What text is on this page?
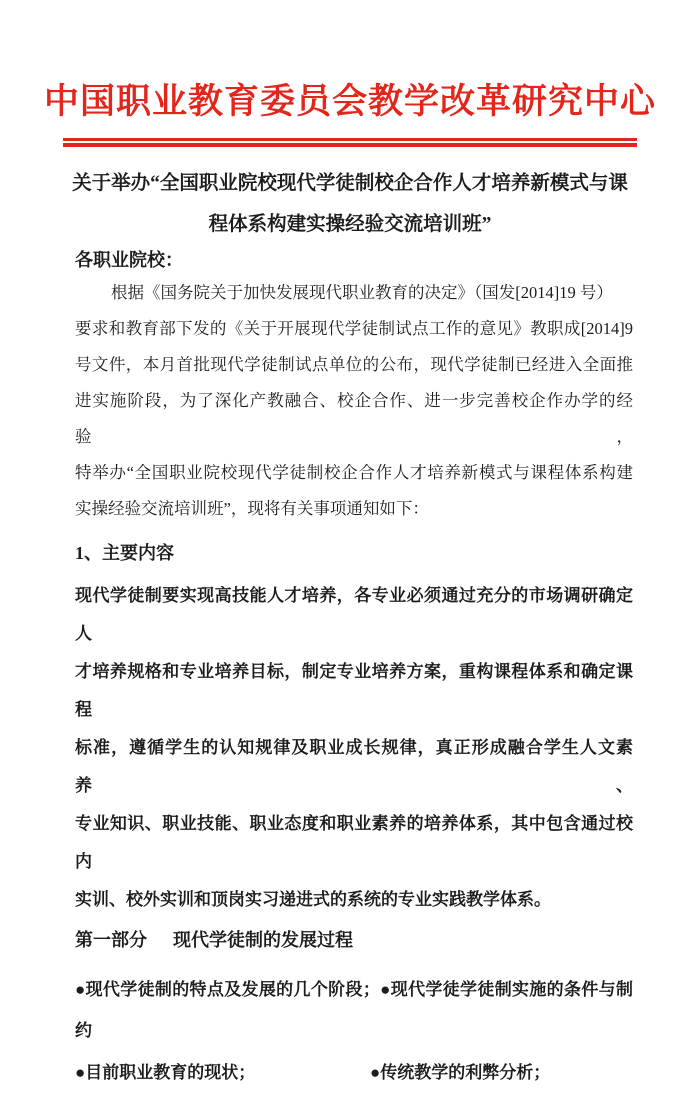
中国职业教育委员会教学改革研究中心
关于举办“全国职业院校现代学徒制校企合作人才培养新模式与课
程体系构建实操经验交流培训班”
各职业院校：
根据《国务院关于加快发展现代职业教育的决定》（国发[2014]19 号）
要求和教育部下发的《关于开展现代学徒制试点工作的意见》教职成[2014]9
号文件，本月首批现代学徒制试点单位的公布，现代学徒制已经进入全面推
进实施阶段，为了深化产教融合、校企合作、进一步完善校企作办学的经验，
特举办“全国职业院校现代学徒制校企合作人才培养新模式与课程体系构建
实操经验交流培训班”，现将有关事项通知如下：
1、主要内容
现代学徒制要实现高技能人才培养，各专业必须通过充分的市场调研确定人
才培养规格和专业培养目标，制定专业培养方案，重构课程体系和确定课程
标准，遵循学生的认知规律及职业成长规律，真正形成融合学生人文素养、
专业知识、职业技能、职业态度和职业素养的培养体系，其中包含通过校内
实训、校外实训和顶岗实习递进式的系统的专业实践教学体系。
第一部分 现代学徒制的发展过程
●现代学徒制的特点及发展的几个阶段；●现代学徒学徒制实施的条件与制
约
●目前职业教育的现状；	●传统教学的利弊分析；
